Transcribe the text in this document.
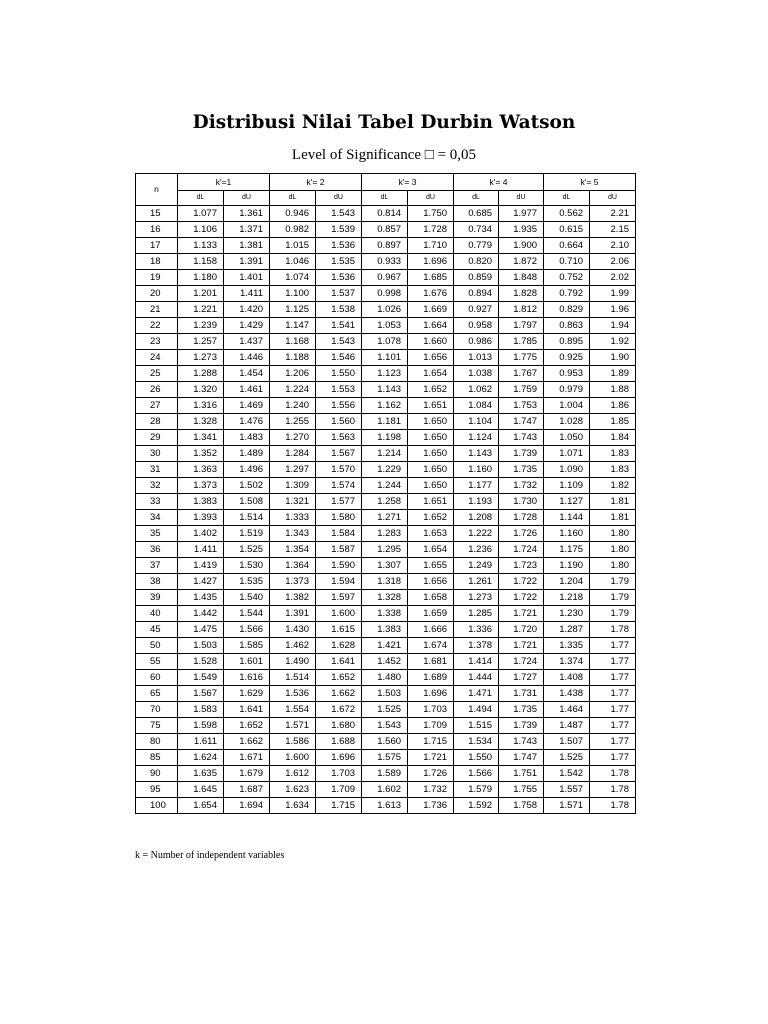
Distribusi Nilai Tabel Durbin Watson
Level of Significance □ = 0,05
n	k'=1		k'= 2		k'= 3		k'= 4		k'= 5	
	dL	dU	dL	dU	dL	dU	dL	dU	dL	dU
15	1.077	1.361	0.946	1.543	0.814	1.750	0.685	1.977	0.562	2.21
16	1.106	1.371	0.982	1.539	0.857	1.728	0.734	1.935	0.615	2.15
17	1.133	1.381	1.015	1.536	0.897	1.710	0.779	1.900	0.664	2.10
18	1.158	1.391	1.046	1.535	0.933	1.696	0.820	1.872	0.710	2.06
19	1.180	1.401	1.074	1.536	0.967	1.685	0.859	1.848	0.752	2.02
20	1.201	1.411	1.100	1.537	0.998	1.676	0.894	1.828	0.792	1.99
21	1.221	1.420	1.125	1.538	1.026	1.669	0.927	1.812	0.829	1.96
22	1.239	1.429	1.147	1.541	1.053	1.664	0.958	1.797	0.863	1.94
23	1.257	1.437	1.168	1.543	1.078	1.660	0.986	1.785	0.895	1.92
24	1.273	1.446	1.188	1.546	1.101	1.656	1.013	1.775	0.925	1.90
25	1.288	1.454	1.206	1.550	1.123	1.654	1.038	1.767	0.953	1.89
26	1.320	1.461	1.224	1.553	1.143	1.652	1.062	1.759	0.979	1.88
27	1.316	1.469	1.240	1.556	1.162	1.651	1.084	1.753	1.004	1.86
28	1.328	1.476	1.255	1.560	1.181	1.650	1.104	1.747	1.028	1.85
29	1.341	1.483	1.270	1.563	1.198	1.650	1.124	1.743	1.050	1.84
30	1.352	1.489	1.284	1.567	1.214	1.650	1.143	1.739	1.071	1.83
31	1.363	1.496	1.297	1.570	1.229	1.650	1.160	1.735	1.090	1.83
32	1.373	1.502	1.309	1.574	1.244	1.650	1.177	1.732	1.109	1.82
33	1.383	1.508	1.321	1.577	1.258	1.651	1.193	1.730	1.127	1.81
34	1.393	1.514	1.333	1.580	1.271	1.652	1.208	1.728	1.144	1.81
35	1.402	1.519	1.343	1.584	1.283	1.653	1.222	1.726	1.160	1.80
36	1.411	1.525	1.354	1.587	1.295	1.654	1.236	1.724	1.175	1.80
37	1.419	1.530	1.364	1.590	1.307	1.655	1.249	1.723	1.190	1.80
38	1.427	1.535	1.373	1.594	1.318	1.656	1.261	1.722	1.204	1.79
39	1.435	1.540	1.382	1.597	1.328	1.658	1.273	1.722	1.218	1.79
40	1.442	1.544	1.391	1.600	1.338	1.659	1.285	1.721	1.230	1.79
45	1.475	1.566	1.430	1.615	1.383	1.666	1.336	1.720	1.287	1.78
50	1.503	1.585	1.462	1.628	1.421	1.674	1.378	1.721	1.335	1.77
55	1.528	1.601	1.490	1.641	1.452	1.681	1.414	1.724	1.374	1.77
60	1.549	1.616	1.514	1.652	1.480	1.689	1.444	1.727	1.408	1.77
65	1.567	1.629	1.536	1.662	1.503	1.696	1.471	1.731	1.438	1.77
70	1.583	1.641	1.554	1.672	1.525	1.703	1.494	1.735	1.464	1.77
75	1.598	1.652	1.571	1.680	1.543	1.709	1.515	1.739	1.487	1.77
80	1.611	1.662	1.586	1.688	1.560	1.715	1.534	1.743	1.507	1.77
85	1.624	1.671	1.600	1.696	1.575	1.721	1.550	1.747	1.525	1.77
90	1.635	1.679	1.612	1.703	1.589	1.726	1.566	1.751	1.542	1.78
95	1.645	1.687	1.623	1.709	1.602	1.732	1.579	1.755	1.557	1.78
100	1.654	1.694	1.634	1.715	1.613	1.736	1.592	1.758	1.571	1.78
k = Number of independent variables
